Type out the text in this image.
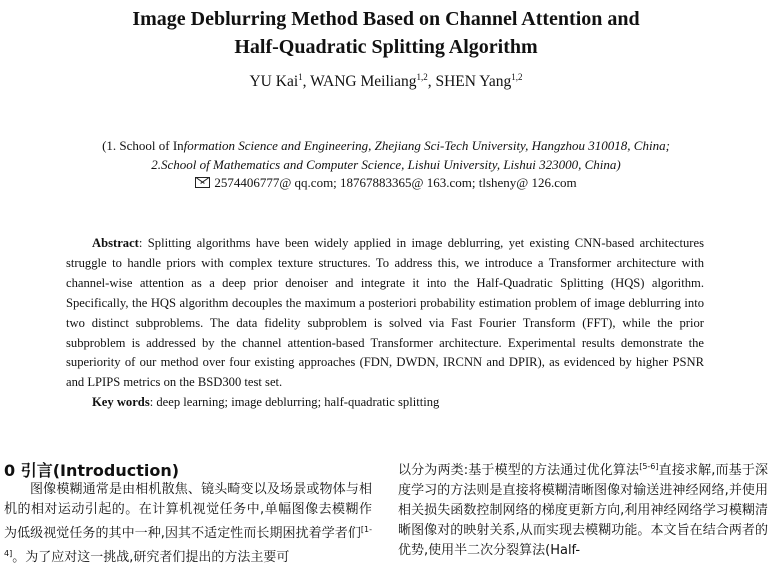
Image Deblurring Method Based on Channel Attention and
Half-Quadratic Splitting Algorithm
YU Kai$^1$, WANG Meiliang$^{1,2}$, SHEN Yang$^{1,2}$
(1. School of Information Science and Engineering, Zhejiang Sci-Tech University, Hangzhou 310018, China;
2.School of Mathematics and Computer Science, Lishui University, Lishui 323000, China)
2574406777@ qq.com; 18767883365@ 163.com; tlsheny@ 126.com
Abstract: Splitting algorithms have been widely applied in image deblurring, yet existing CNN-based architectures struggle to handle priors with complex texture structures. To address this, we introduce a Transformer architecture with channel-wise attention as a deep prior denoiser and integrate it into the Half-Quadratic Splitting (HQS) algorithm. Specifically, the HQS algorithm decouples the maximum a posteriori probability estimation problem of image deblurring into two distinct subproblems. The data fidelity subproblem is solved via Fast Fourier Transform (FFT), while the prior subproblem is addressed by the channel attention-based Transformer architecture. Experimental results demonstrate the superiority of our method over four existing approaches (FDN, DWDN, IRCNN and DPIR), as evidenced by higher PSNR and LPIPS metrics on the BSD300 test set.
Key words: deep learning; image deblurring; half-quadratic splitting
0 引言(Introduction)

图像模糊通常是由相机散焦、镜头畸变以及场景或物体与相机的相对运动引起的。在计算机视觉任务中,单幅图像去模糊作为低级视觉任务的其中一种,因其不适定性而长期困扰着学者们[1-4]。为了应对这一挑战,研究者们提出的方法主要可

以分为两类:基于模型的方法通过优化算法[5-6]直接求解,而基于深度学习的方法则是直接将模糊清晰图像对输送进神经网络,并使用相关损失函数控制网络的梯度更新方向,利用神经网络学习模糊清晰图像对的映射关系,从而实现去模糊功能。本文旨在结合两者的优势,使用半二次分裂算法(Half-
